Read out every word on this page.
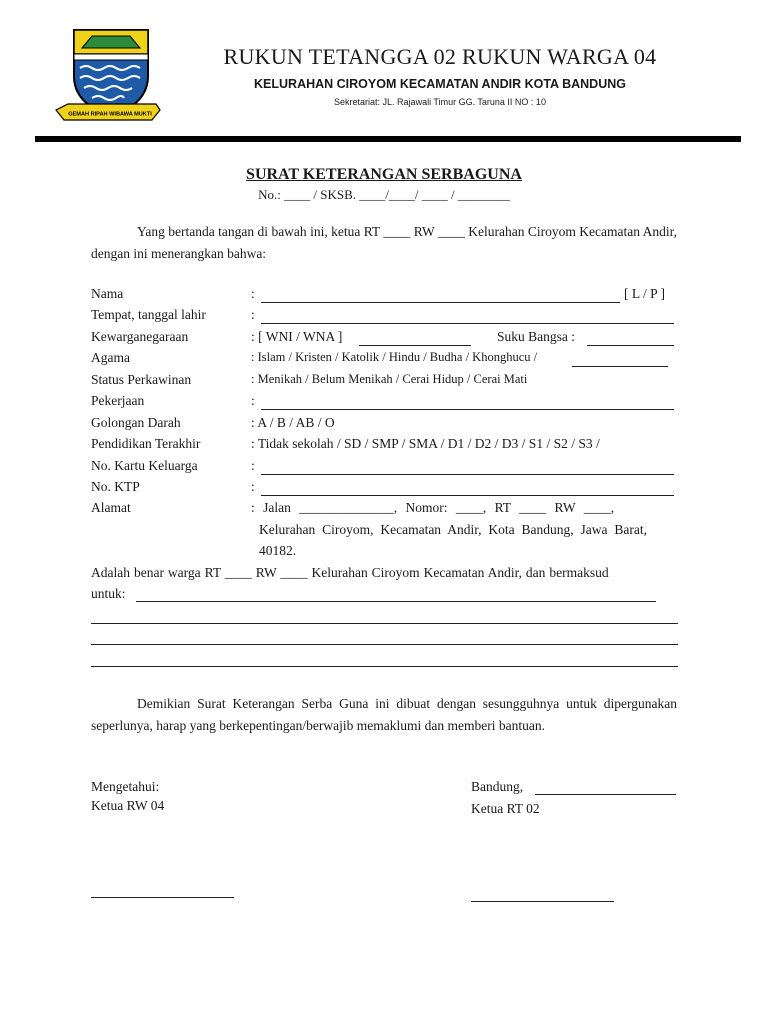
GEMAH RIPAH WIBAWA MUKTI
RUKUN TETANGGA 02 RUKUN WARGA 04
KELURAHAN CIROYOM KECAMATAN ANDIR KOTA BANDUNG
Sekretariat: JL. Rajawali Timur GG. Taruna II NO : 10
SURAT KETERANGAN SERBAGUNA
No.: ____ / SKSB. ____/____/ ____ / ________
Yang bertanda tangan di bawah ini, ketua RT ____ RW ____ Kelurahan Ciroyom Kecamatan Andir, dengan ini menerangkan bahwa:
Nama	:	[ L / P ]
Tempat, tanggal lahir	:
Kewarganegaraan	: [ WNI / WNA ]	Suku Bangsa :
Agama	: Islam / Kristen / Katolik / Hindu / Budha / Khonghucu /
Status Perkawinan	: Menikah / Belum Menikah / Cerai Hidup / Cerai Mati
Pekerjaan	:
Golongan Darah	: A / B / AB / O
Pendidikan Terakhir	: Tidak sekolah / SD / SMP / SMA / D1 / D2 / D3 / S1 / S2 / S3 /
No. Kartu Keluarga	:
No. KTP	:
Alamat	: Jalan ______________, Nomor: ____, RT ____ RW ____,
Kelurahan Ciroyom, Kecamatan Andir, Kota Bandung, Jawa Barat,
40182.
Adalah benar warga RT ____ RW ____ Kelurahan Ciroyom Kecamatan Andir, dan bermaksud
untuk:
Demikian Surat Keterangan Serba Guna ini dibuat dengan sesungguhnya untuk dipergunakan seperlunya, harap yang berkepentingan/berwajib memaklumi dan memberi bantuan.
Mengetahui:
Ketua RW 04
Bandung,
Ketua RT 02
